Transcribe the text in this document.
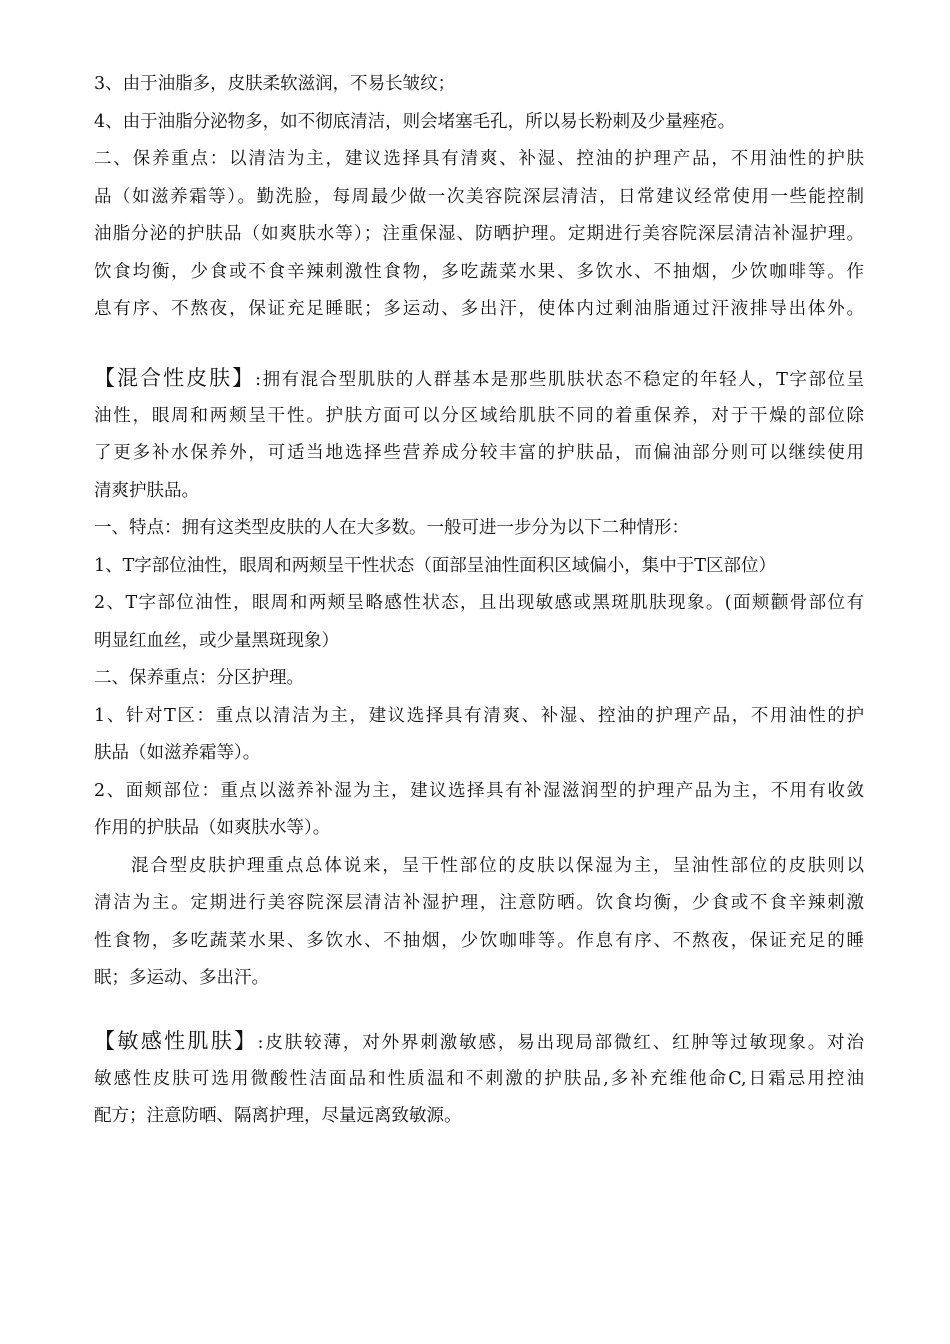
3、由于油脂多，皮肤柔软滋润，不易长皱纹；
4、由于油脂分泌物多，如不彻底清洁，则会堵塞毛孔，所以易长粉刺及少量痤疮。
二、保养重点：以清洁为主，建议选择具有清爽、补湿、控油的护理产品，不用油性的护肤
品（如滋养霜等）。勤洗脸，每周最少做一次美容院深层清洁，日常建议经常使用一些能控制
油脂分泌的护肤品（如爽肤水等）；注重保湿、防晒护理。定期进行美容院深层清洁补湿护理。
饮食均衡，少食或不食辛辣刺激性食物，多吃蔬菜水果、多饮水、不抽烟，少饮咖啡等。作
息有序、不熬夜，保证充足睡眠；多运动、多出汗，使体内过剩油脂通过汗液排导出体外。
【混合性皮肤】:拥有混合型肌肤的人群基本是那些肌肤状态不稳定的年轻人，T字部位呈
油性，眼周和两颊呈干性。护肤方面可以分区域给肌肤不同的着重保养，对于干燥的部位除
了更多补水保养外，可适当地选择些营养成分较丰富的护肤品，而偏油部分则可以继续使用
清爽护肤品。
一、特点：拥有这类型皮肤的人在大多数。一般可进一步分为以下二种情形：
1、T字部位油性，眼周和两颊呈干性状态（面部呈油性面积区域偏小，集中于T区部位）
2、T字部位油性，眼周和两颊呈略感性状态，且出现敏感或黑斑肌肤现象。(面颊颧骨部位有
明显红血丝，或少量黑斑现象）
二、保养重点：分区护理。
1、针对T区：重点以清洁为主，建议选择具有清爽、补湿、控油的护理产品，不用油性的护
肤品（如滋养霜等）。
2、面颊部位：重点以滋养补湿为主，建议选择具有补湿滋润型的护理产品为主，不用有收敛
作用的护肤品（如爽肤水等）。
混合型皮肤护理重点总体说来，呈干性部位的皮肤以保湿为主，呈油性部位的皮肤则以
清洁为主。定期进行美容院深层清洁补湿护理，注意防晒。饮食均衡，少食或不食辛辣刺激
性食物，多吃蔬菜水果、多饮水、不抽烟，少饮咖啡等。作息有序、不熬夜，保证充足的睡
眠；多运动、多出汗。
【敏感性肌肤】:皮肤较薄，对外界刺激敏感，易出现局部微红、红肿等过敏现象。对治
敏感性皮肤可选用微酸性洁面品和性质温和不刺激的护肤品,多补充维他命C,日霜忌用控油
配方；注意防晒、隔离护理，尽量远离致敏源。
